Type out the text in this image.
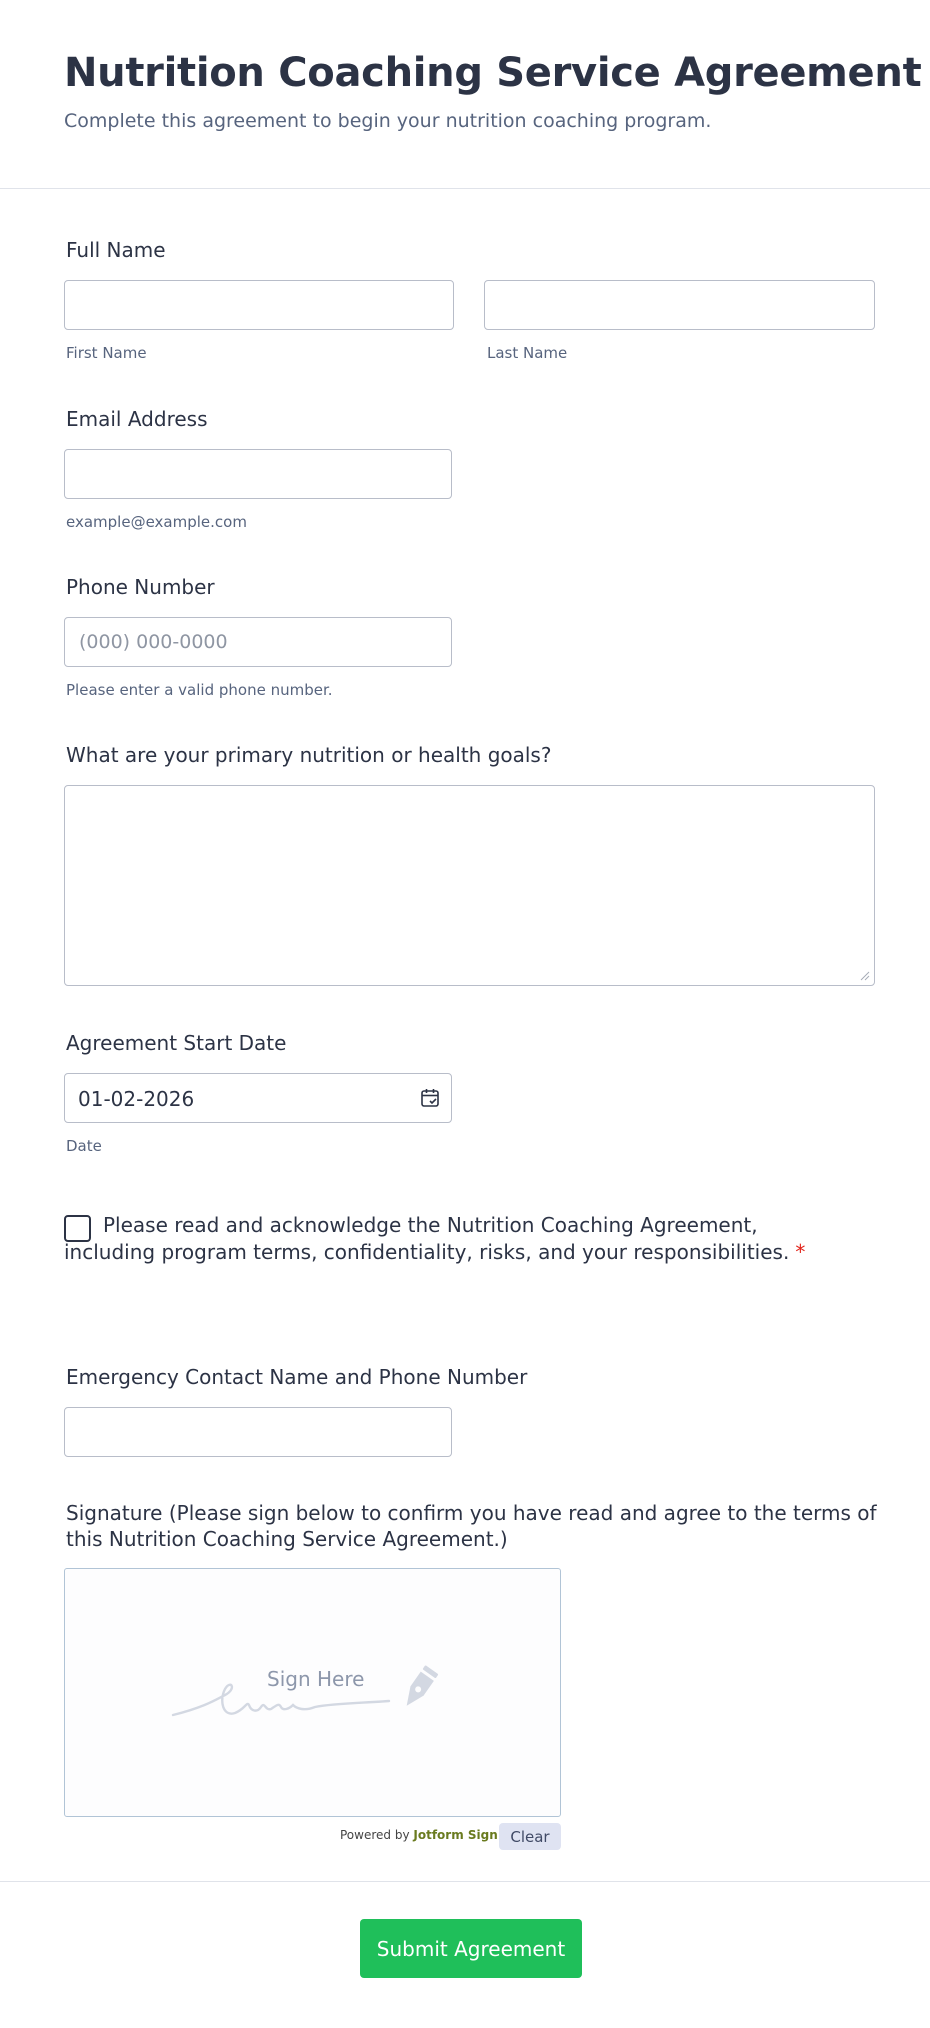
Nutrition Coaching Service Agreement
Complete this agreement to begin your nutrition coaching program.
Full Name
First Name	Last Name
Email Address
example@example.com
Phone Number
(000) 000-0000
Please enter a valid phone number.
What are your primary nutrition or health goals?
Agreement Start Date
01-02-2026
Date
Please read and acknowledge the Nutrition Coaching Agreement,
including program terms, confidentiality, risks, and your responsibilities. *
Emergency Contact Name and Phone Number
Signature (Please sign below to confirm you have read and agree to the terms of this Nutrition Coaching Service Agreement.)
Sign Here
Powered by Jotform Sign Clear
Submit Agreement
